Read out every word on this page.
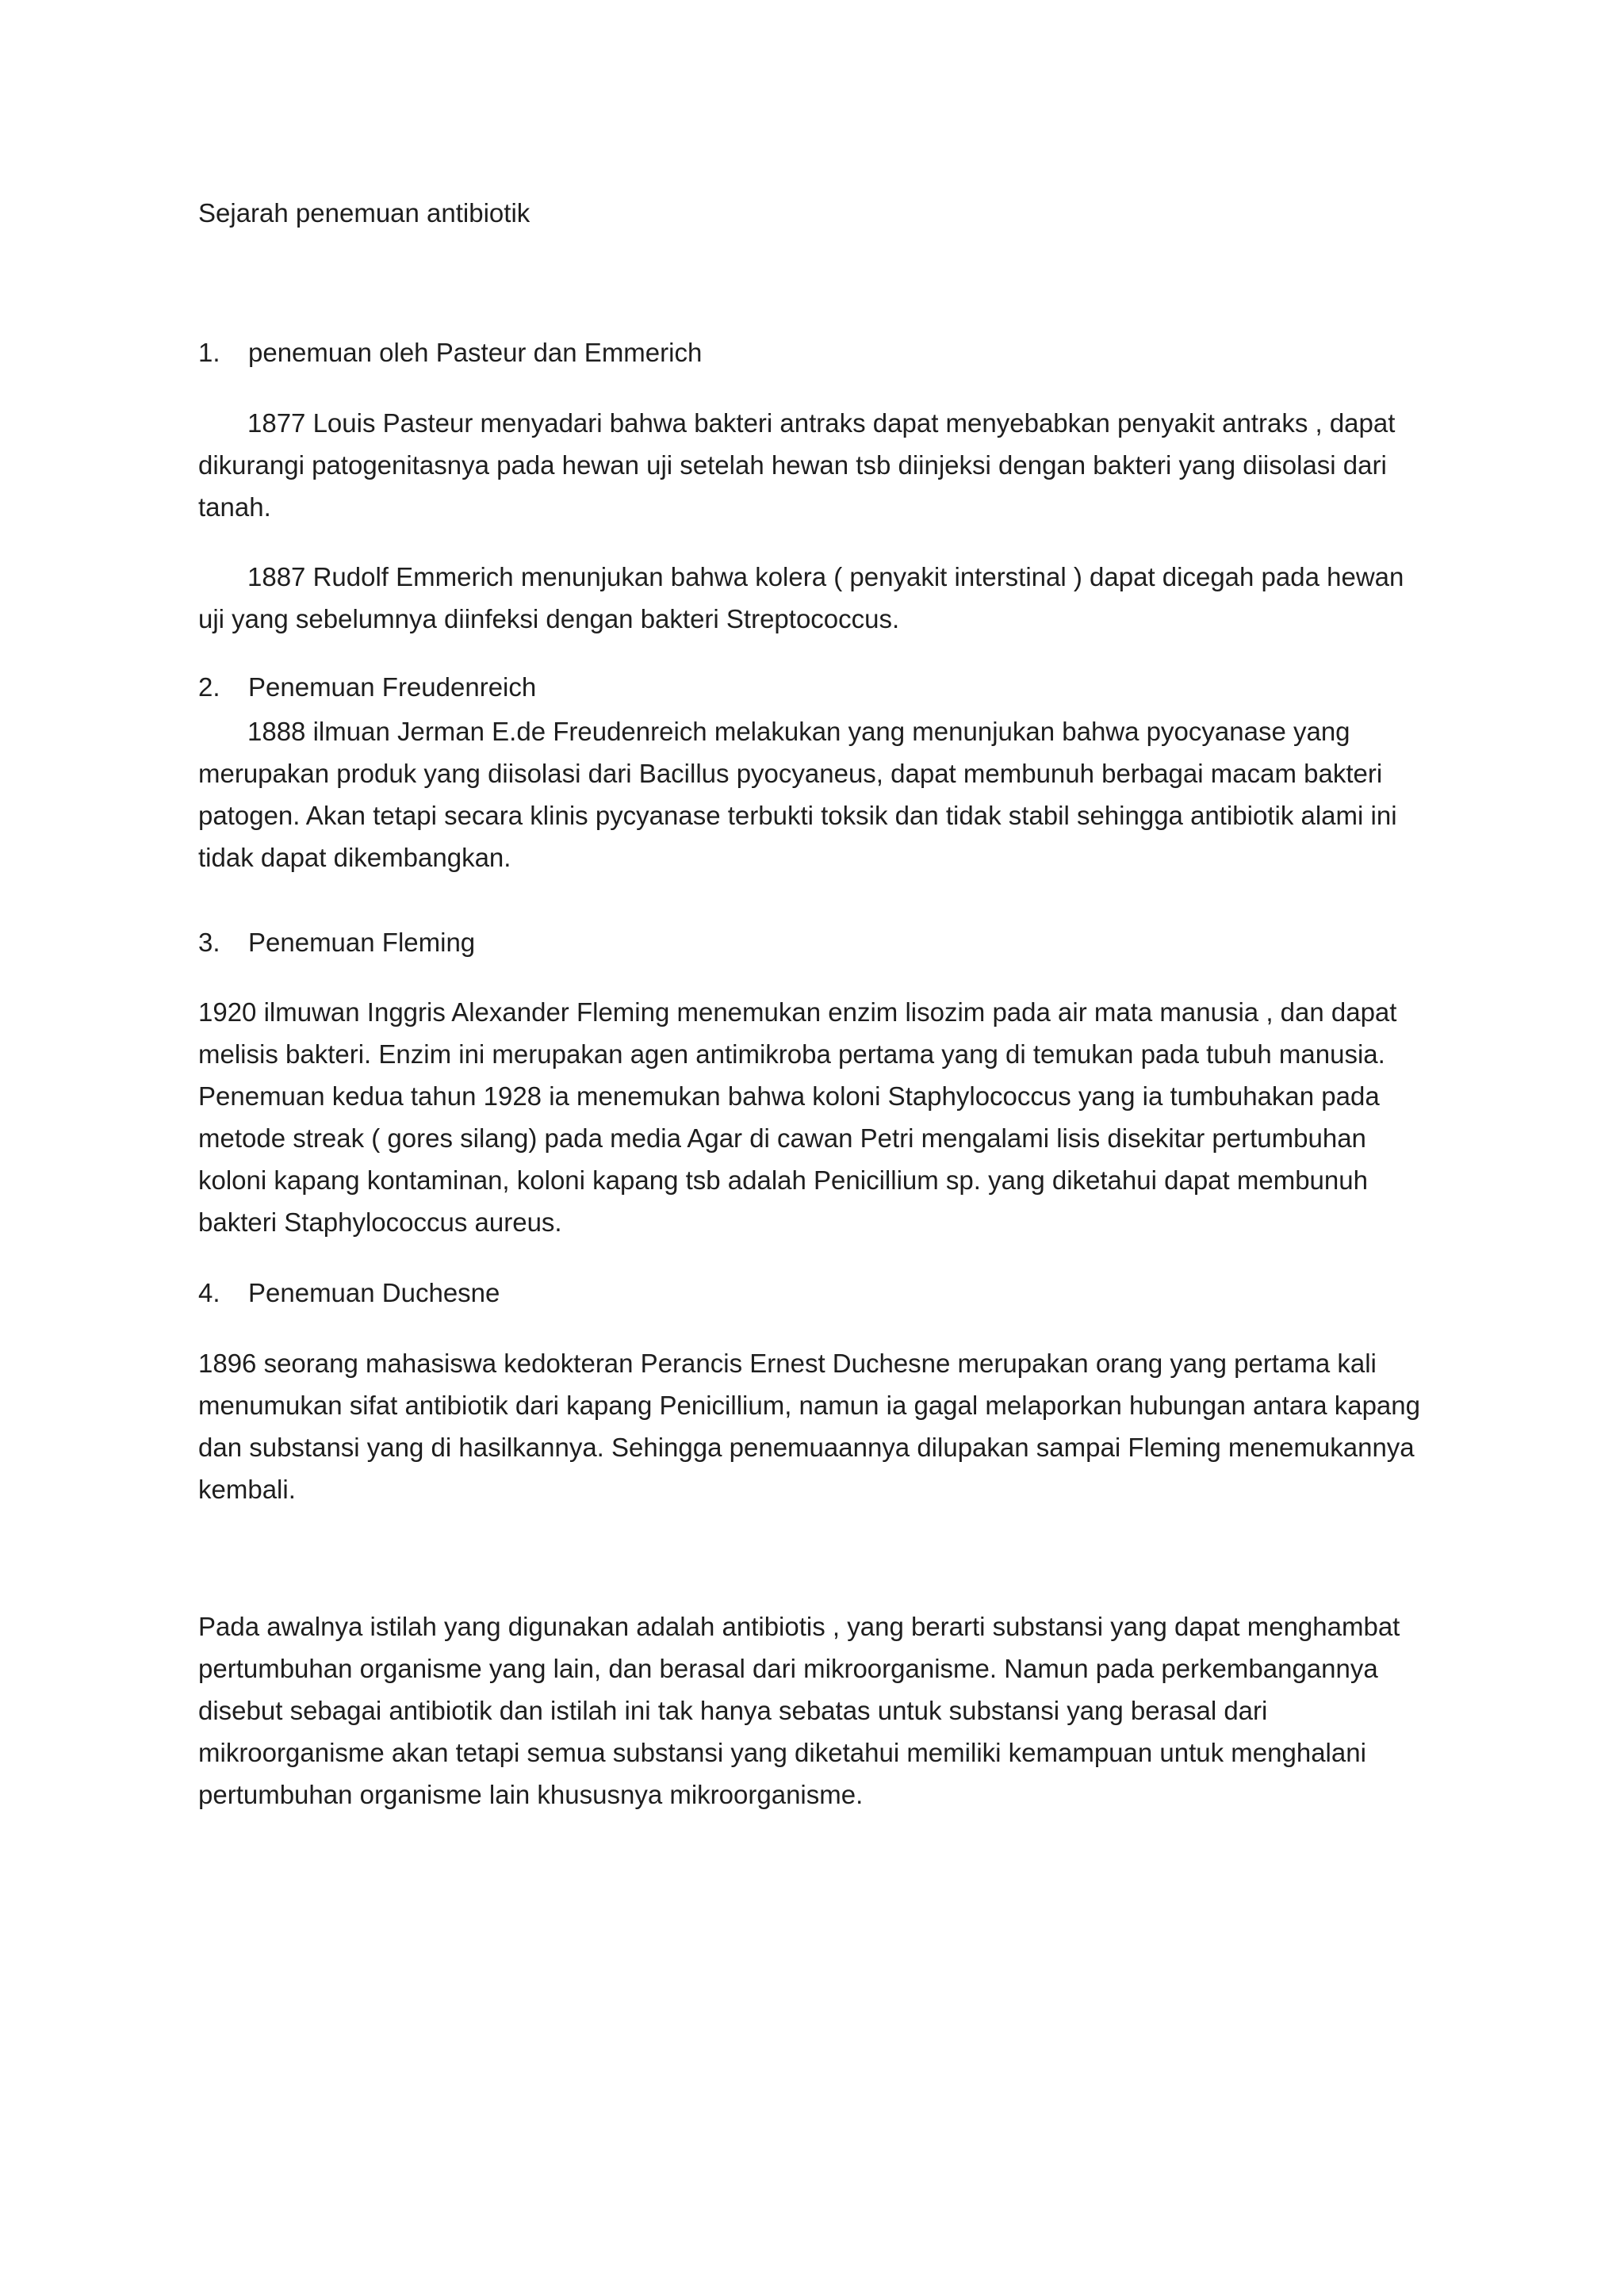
Sejarah penemuan antibiotik
1. penemuan oleh Pasteur dan Emmerich

1877 Louis Pasteur menyadari bahwa bakteri antraks dapat menyebabkan penyakit antraks , dapat dikurangi patogenitasnya pada hewan uji setelah hewan tsb diinjeksi dengan bakteri yang diisolasi dari tanah.

1887 Rudolf Emmerich menunjukan bahwa kolera ( penyakit interstinal ) dapat dicegah pada hewan uji yang sebelumnya diinfeksi dengan bakteri Streptococcus.

2. Penemuan Freudenreich

1888 ilmuan Jerman E.de Freudenreich melakukan yang menunjukan bahwa pyocyanase yang merupakan produk yang diisolasi dari Bacillus pyocyaneus, dapat membunuh berbagai macam bakteri patogen. Akan tetapi secara klinis pycyanase terbukti toksik dan tidak stabil sehingga antibiotik alami ini tidak dapat dikembangkan.

3. Penemuan Fleming

1920 ilmuwan Inggris Alexander Fleming menemukan enzim lisozim pada air mata manusia , dan dapat melisis bakteri. Enzim ini merupakan agen antimikroba pertama yang di temukan pada tubuh manusia. Penemuan kedua tahun 1928 ia menemukan bahwa koloni Staphylococcus yang ia tumbuhakan pada metode streak ( gores silang) pada media Agar di cawan Petri mengalami lisis disekitar pertumbuhan koloni kapang kontaminan, koloni kapang tsb adalah Penicillium sp. yang diketahui dapat membunuh bakteri Staphylococcus aureus.

4. Penemuan Duchesne

1896 seorang mahasiswa kedokteran Perancis Ernest Duchesne merupakan orang yang pertama kali menumukan sifat antibiotik dari kapang Penicillium, namun ia gagal melaporkan hubungan antara kapang dan substansi yang di hasilkannya. Sehingga penemuaannya dilupakan sampai Fleming menemukannya kembali.

Pada awalnya istilah yang digunakan adalah antibiotis , yang berarti substansi yang dapat menghambat pertumbuhan organisme yang lain, dan berasal dari mikroorganisme. Namun pada perkembangannya disebut sebagai antibiotik dan istilah ini tak hanya sebatas untuk substansi yang berasal dari mikroorganisme akan tetapi semua substansi yang diketahui memiliki kemampuan untuk menghalani pertumbuhan organisme lain khususnya mikroorganisme.
